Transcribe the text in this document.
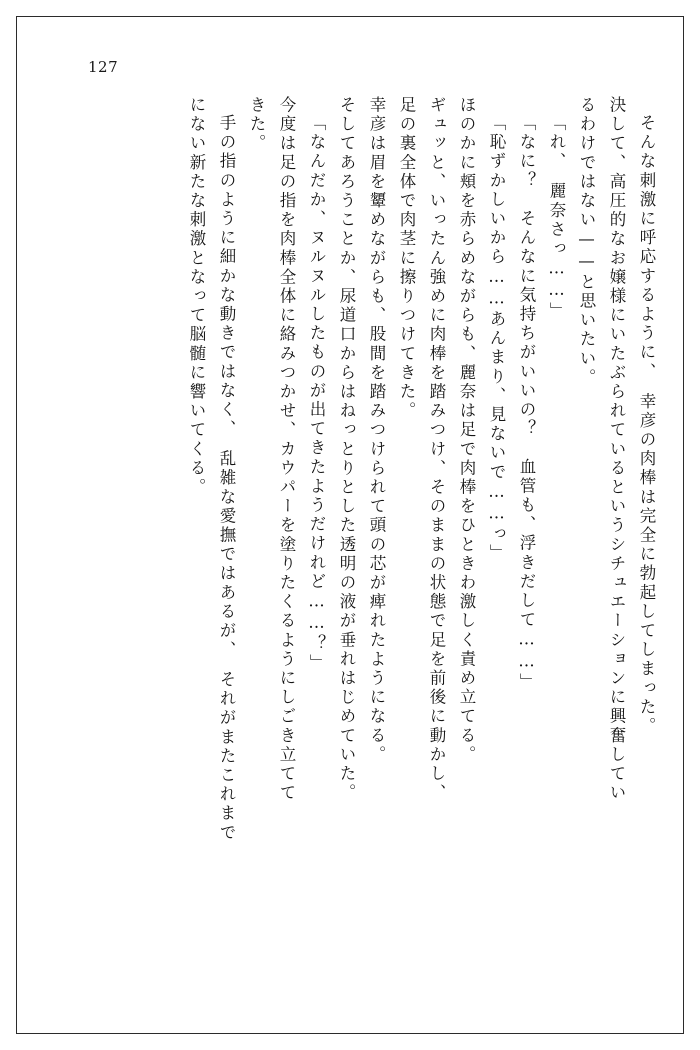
127
そんな刺激に呼応するように、　幸彦の肉棒は完全に勃起してしまった。
決して、高圧的なお嬢様にいたぶられているというシチュエーションに興奮してい
るわけではない——と思いたい。
「れ、　麗奈さっ……」
「なに？　そんなに気持ちがいいの？　血管も、浮きだして……」
「恥ずかしいから……あんまり、見ないで……っ」
ほのかに頬を赤らめながらも、麗奈は足で肉棒をひときわ激しく責め立てる。
ギュッと、いったん強めに肉棒を踏みつけ、そのままの状態で足を前後に動かし、
足の裏全体で肉茎に擦りつけてきた。
幸彦は眉を顰めながらも、股間を踏みつけられて頭の芯が痺れたようになる。
そしてあろうことか、尿道口からはねっとりとした透明の液が垂れはじめていた。
「なんだか、ヌルヌルしたものが出てきたようだけれど……？」
今度は足の指を肉棒全体に絡みつかせ、カウパーを塗りたくるようにしごき立てて
きた。
手の指のように細かな動きではなく、　乱雑な愛撫ではあるが、　それがまたこれまで
にない新たな刺激となって脳髄に響いてくる。
